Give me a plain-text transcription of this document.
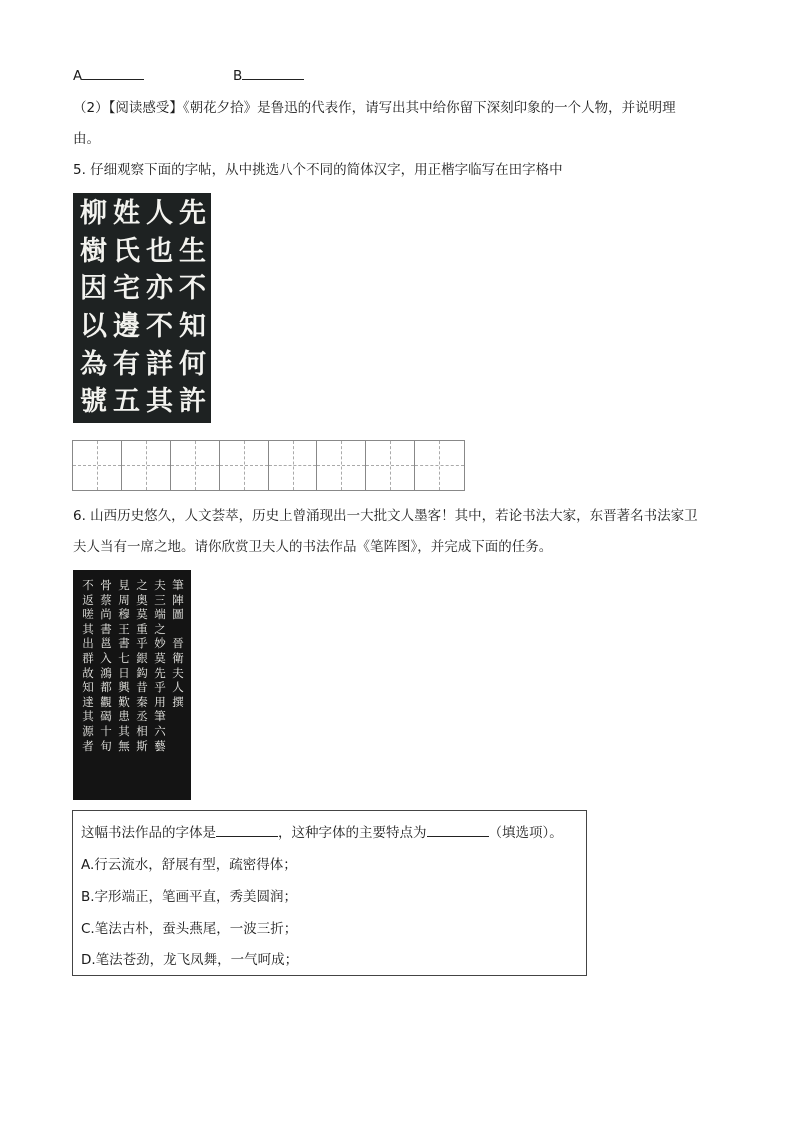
A	B
（2）【阅读感受】《朝花夕拾》是鲁迅的代表作，请写出其中给你留下深刻印象的一个人物，并说明理
由。
5. 仔细观察下面的字帖，从中挑选八个不同的简体汉字，用正楷字临写在田字格中
柳 姓 人 先
樹 氏 也 生
因 宅 亦 不
以 邊 不 知
為 有 詳 何
號 五 其 許
6. 山西历史悠久，人文荟萃，历史上曾涌现出一大批文人墨客！其中，若论书法大家，东晋著名书法家卫
夫人当有一席之地。请你欣赏卫夫人的书法作品《笔阵图》，并完成下面的任务。
筆
陣
圖

晉
衛
夫
人
撰
夫
三
端
之
妙
莫
先
乎
用
筆
六
藝
之
奥
莫
重
乎
銀
鈎
昔
秦
丞
相
斯
見
周
穆
王
書
七
日
興
歎
患
其
無
骨
蔡
尚
書
邕
入
鴻
都
觀
碣
十
旬
不
返
嗟
其
出
群
故
知
達
其
源
者
这幅书法作品的字体是	，这种字体的主要特点为	（填选项）。
A.行云流水，舒展有型，疏密得体；
B.字形端正，笔画平直，秀美圆润；
C.笔法古朴，蚕头燕尾，一波三折；
D.笔法苍劲，龙飞凤舞，一气呵成；
